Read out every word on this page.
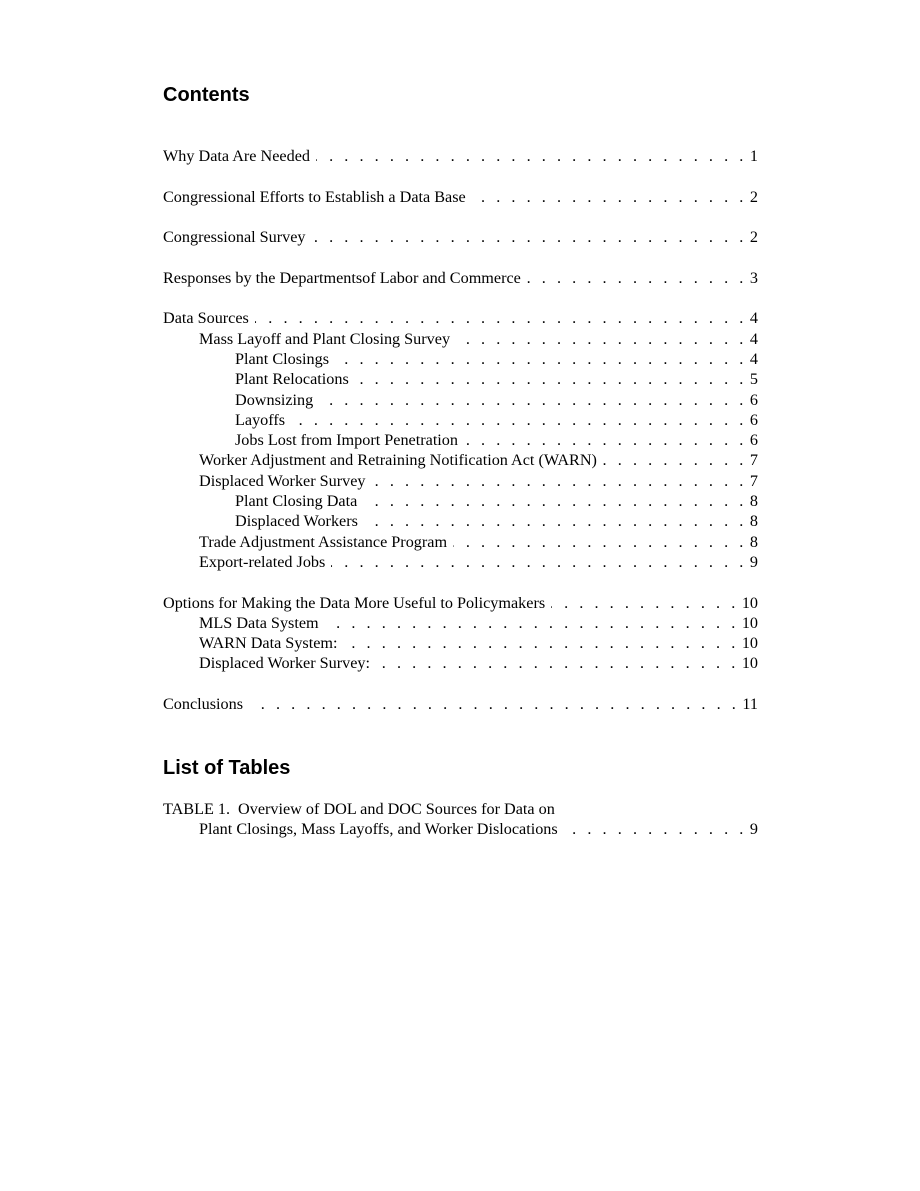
Contents
Why Data Are Needed . . .	1
Congressional Efforts to Establish a Data Base . . .	2
Congressional Survey . . .	2
Responses by the Departmentsof Labor and Commerce . . .	3
Data Sources . . .	4
Mass Layoff and Plant Closing Survey . . .	4
Plant Closings . . .	4
Plant Relocations . . .	5
Downsizing . . .	6
Layoffs . . .	6
Jobs Lost from Import Penetration . . .	6
Worker Adjustment and Retraining Notification Act (WARN) . . .	7
Displaced Worker Survey . . .	7
Plant Closing Data . . .	8
Displaced Workers . . .	8
Trade Adjustment Assistance Program . . .	8
Export-related Jobs . . .	9
Options for Making the Data More Useful to Policymakers . . .	10
MLS Data System . . .	10
WARN Data System: . . .	10
Displaced Worker Survey: . . .	10
Conclusions . . .	11
List of Tables
TABLE 1. Overview of DOL and DOC Sources for Data on
Plant Closings, Mass Layoffs, and Worker Dislocations . . .	9
